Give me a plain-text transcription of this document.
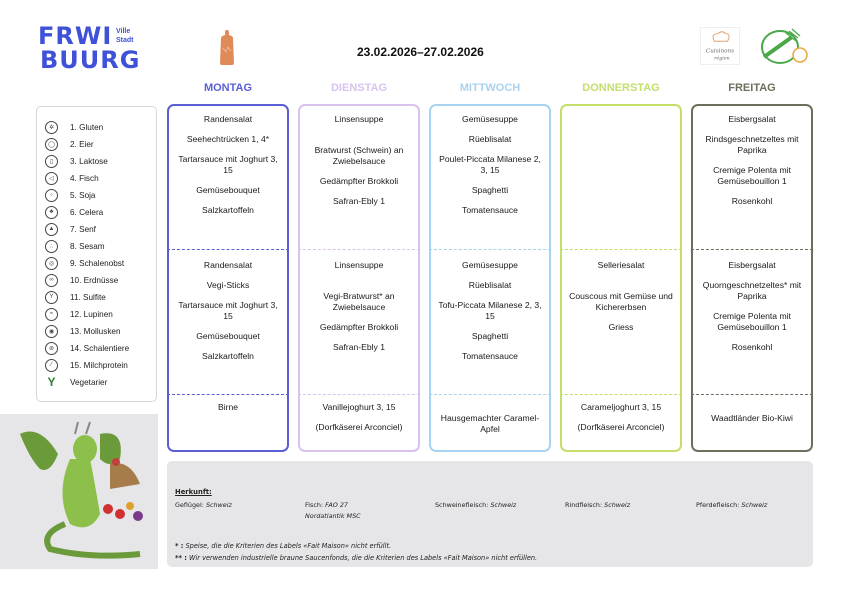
FRWI
BUURG
Ville
Stadt
23.02.2026–27.02.2026	Cuisinons
région
✲	1. Gluten
◯	2. Eier
▯	3. Laktose
◁	4. Fisch
⁘	5. Soja
♣	6. Celera
▲	7. Senf
∴	8. Sesam
◎	9. Schalenobst
∞	10. Erdnüsse
Y	11. Sulfite
≈	12. Lupinen
◉	13. Mollusken
⊛	14. Schalentiere
⁄	15. Milchprotein
Y	Vegetarier
MONTAG
Randensalat
Seehechtrücken 1, 4*
Tartarsauce mit Joghurt 3, 15
Gemüsebouquet
Salzkartoffeln
Randensalat
Vegi-Sticks
Tartarsauce mit Joghurt 3, 15
Gemüsebouquet
Salzkartoffeln
Birne
DIENSTAG
Linsensuppe
Bratwurst (Schwein) an Zwiebelsauce
Gedämpfter Brokkoli
Safran-Ebly 1
Linsensuppe
Vegi-Bratwurst* an Zwiebelsauce
Gedämpfter Brokkoli
Safran-Ebly 1
Vanillejoghurt 3, 15
(Dorfkäserei Arconciel)
MITTWOCH
Gemüsesuppe
Rüeblisalat
Poulet-Piccata Milanese 2, 3, 15
Spaghetti
Tomatensauce
Gemüsesuppe
Rüeblisalat
Tofu-Piccata Milanese 2, 3, 15
Spaghetti
Tomatensauce
Hausgemachter Caramel-Apfel
DONNERSTAG
Selleriesalat
Couscous mit Gemüse und Kichererbsen
Griess
Carameljoghurt 3, 15
(Dorfkäserei Arconciel)
FREITAG
Eisbergsalat
Rindsgeschnetzeltes mit Paprika
Cremige Polenta mit Gemüsebouillon 1
Rosenkohl
Eisbergsalat
Quorngeschnetzeltes* mit Paprika
Cremige Polenta mit Gemüsebouillon 1
Rosenkohl
Waadtländer Bio-Kiwi
Herkunft:
Geflügel: Schweiz	Fisch: FAO 27
Nordatlantik MSC
Schweinefleisch: Schweiz	Rindfleisch: Schweiz	Pferdefleisch: Schweiz
* : Speise, die die Kriterien des Labels «Fait Maison» nicht erfüllt.
** : Wir verwenden industrielle braune Saucenfonds, die die Kriterien des Labels «Fait Maison» nicht erfüllen.
